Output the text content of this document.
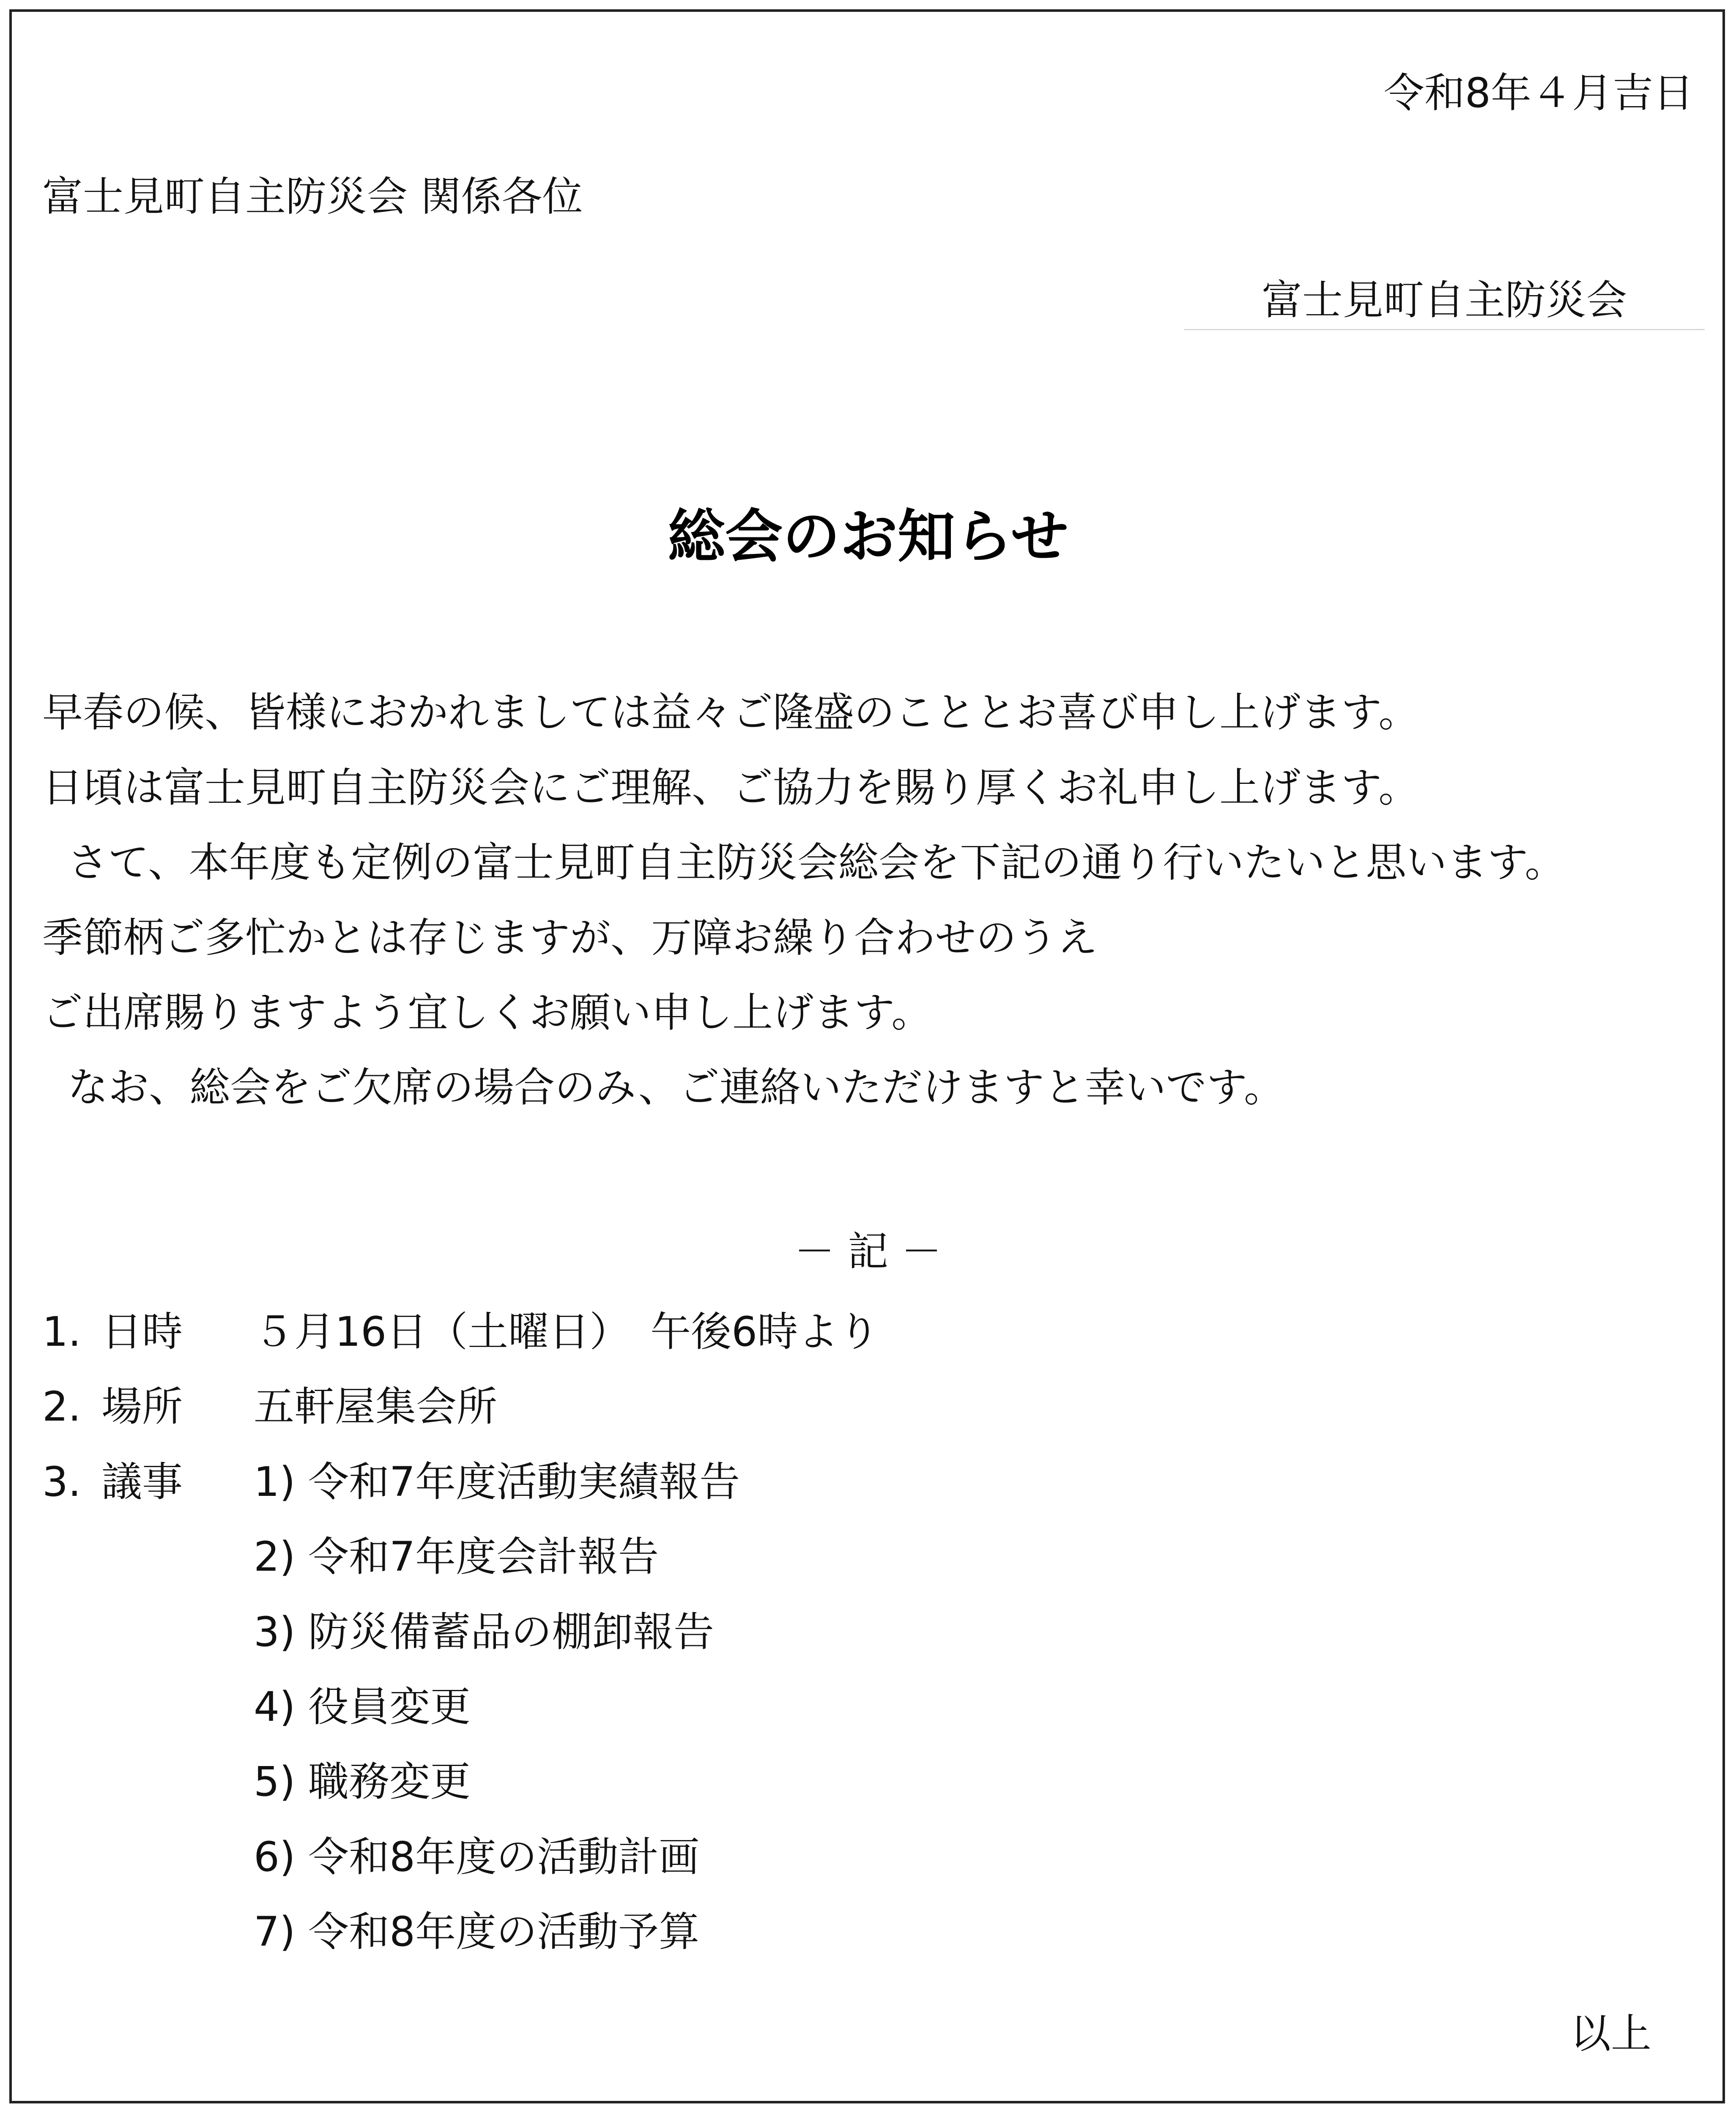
令和8年４月吉日
富士見町自主防災会 関係各位
富士見町自主防災会
総会のお知らせ
早春の候、皆様におかれましては益々ご隆盛のこととお喜び申し上げます。
日頃は富士見町自主防災会にご理解、ご協力を賜り厚くお礼申し上げます。
さて、本年度も定例の富士見町自主防災会総会を下記の通り行いたいと思います。
季節柄ご多忙かとは存じますが、万障お繰り合わせのうえ
ご出席賜りますよう宜しくお願い申し上げます。
なお、総会をご欠席の場合のみ、ご連絡いただけますと幸いです。
－ 記 －
1. 日時 ５月16日（土曜日）　午後6時より
2. 場所 五軒屋集会所
3. 議事 1) 令和7年度活動実績報告
2) 令和7年度会計報告
3) 防災備蓄品の棚卸報告
4) 役員変更
5) 職務変更
6) 令和8年度の活動計画
7) 令和8年度の活動予算
以上
